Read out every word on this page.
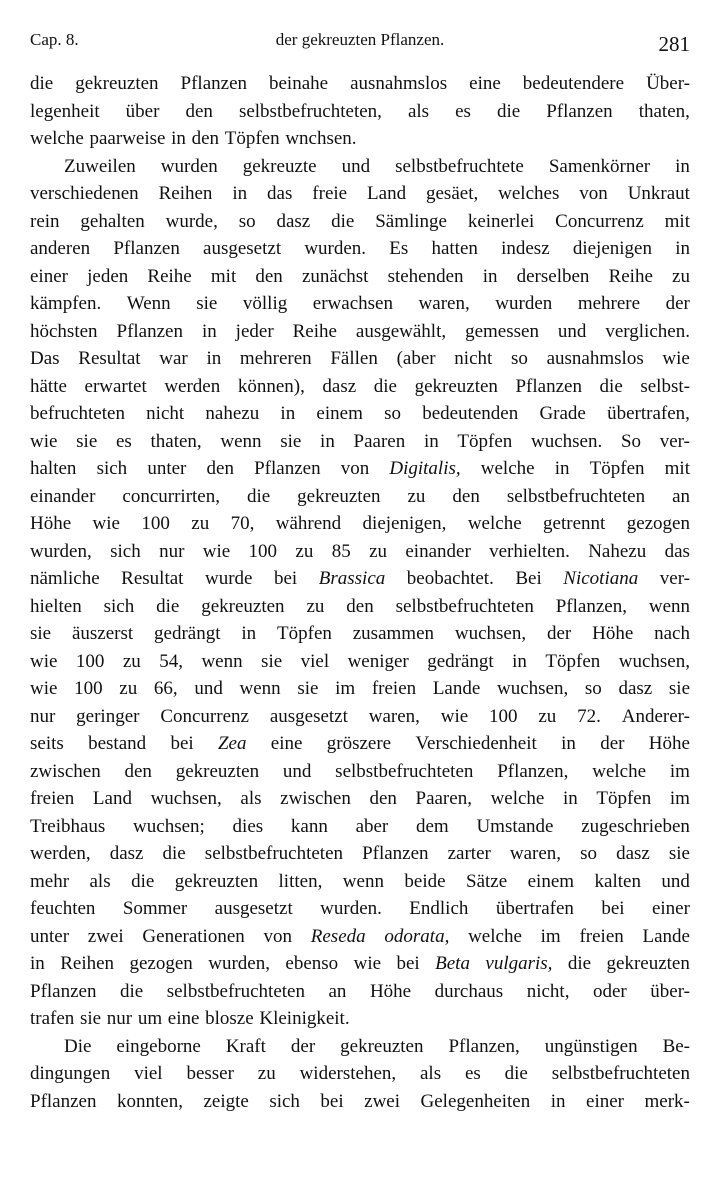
Cap. 8.	der gekreuzten Pflanzen.	281
die gekreuzten Pflanzen beinahe ausnahmslos eine bedeutendere Über-
legenheit über den selbstbefruchteten, als es die Pflanzen thaten,
welche paarweise in den Töpfen wnchsen.
Zuweilen wurden gekreuzte und selbstbefruchtete Samenkörner in
verschiedenen Reihen in das freie Land gesäet, welches von Unkraut
rein gehalten wurde, so dasz die Sämlinge keinerlei Concurrenz mit
anderen Pflanzen ausgesetzt wurden. Es hatten indesz diejenigen in
einer jeden Reihe mit den zunächst stehenden in derselben Reihe zu
kämpfen. Wenn sie völlig erwachsen waren, wurden mehrere der
höchsten Pflanzen in jeder Reihe ausgewählt, gemessen und verglichen.
Das Resultat war in mehreren Fällen (aber nicht so ausnahmslos wie
hätte erwartet werden können), dasz die gekreuzten Pflanzen die selbst-
befruchteten nicht nahezu in einem so bedeutenden Grade übertrafen,
wie sie es thaten, wenn sie in Paaren in Töpfen wuchsen. So ver-
halten sich unter den Pflanzen von Digitalis, welche in Töpfen mit
einander concurrirten, die gekreuzten zu den selbstbefruchteten an
Höhe wie 100 zu 70, während diejenigen, welche getrennt gezogen
wurden, sich nur wie 100 zu 85 zu einander verhielten. Nahezu das
nämliche Resultat wurde bei Brassica beobachtet. Bei Nicotiana ver-
hielten sich die gekreuzten zu den selbstbefruchteten Pflanzen, wenn
sie äuszerst gedrängt in Töpfen zusammen wuchsen, der Höhe nach
wie 100 zu 54, wenn sie viel weniger gedrängt in Töpfen wuchsen,
wie 100 zu 66, und wenn sie im freien Lande wuchsen, so dasz sie
nur geringer Concurrenz ausgesetzt waren, wie 100 zu 72. Anderer-
seits bestand bei Zea eine gröszere Verschiedenheit in der Höhe
zwischen den gekreuzten und selbstbefruchteten Pflanzen, welche im
freien Land wuchsen, als zwischen den Paaren, welche in Töpfen im
Treibhaus wuchsen; dies kann aber dem Umstande zugeschrieben
werden, dasz die selbstbefruchteten Pflanzen zarter waren, so dasz sie
mehr als die gekreuzten litten, wenn beide Sätze einem kalten und
feuchten Sommer ausgesetzt wurden. Endlich übertrafen bei einer
unter zwei Generationen von Reseda odorata, welche im freien Lande
in Reihen gezogen wurden, ebenso wie bei Beta vulgaris, die gekreuzten
Pflanzen die selbstbefruchteten an Höhe durchaus nicht, oder über-
trafen sie nur um eine blosze Kleinigkeit.
Die eingeborne Kraft der gekreuzten Pflanzen, ungünstigen Be-
dingungen viel besser zu widerstehen, als es die selbstbefruchteten
Pflanzen konnten, zeigte sich bei zwei Gelegenheiten in einer merk-
